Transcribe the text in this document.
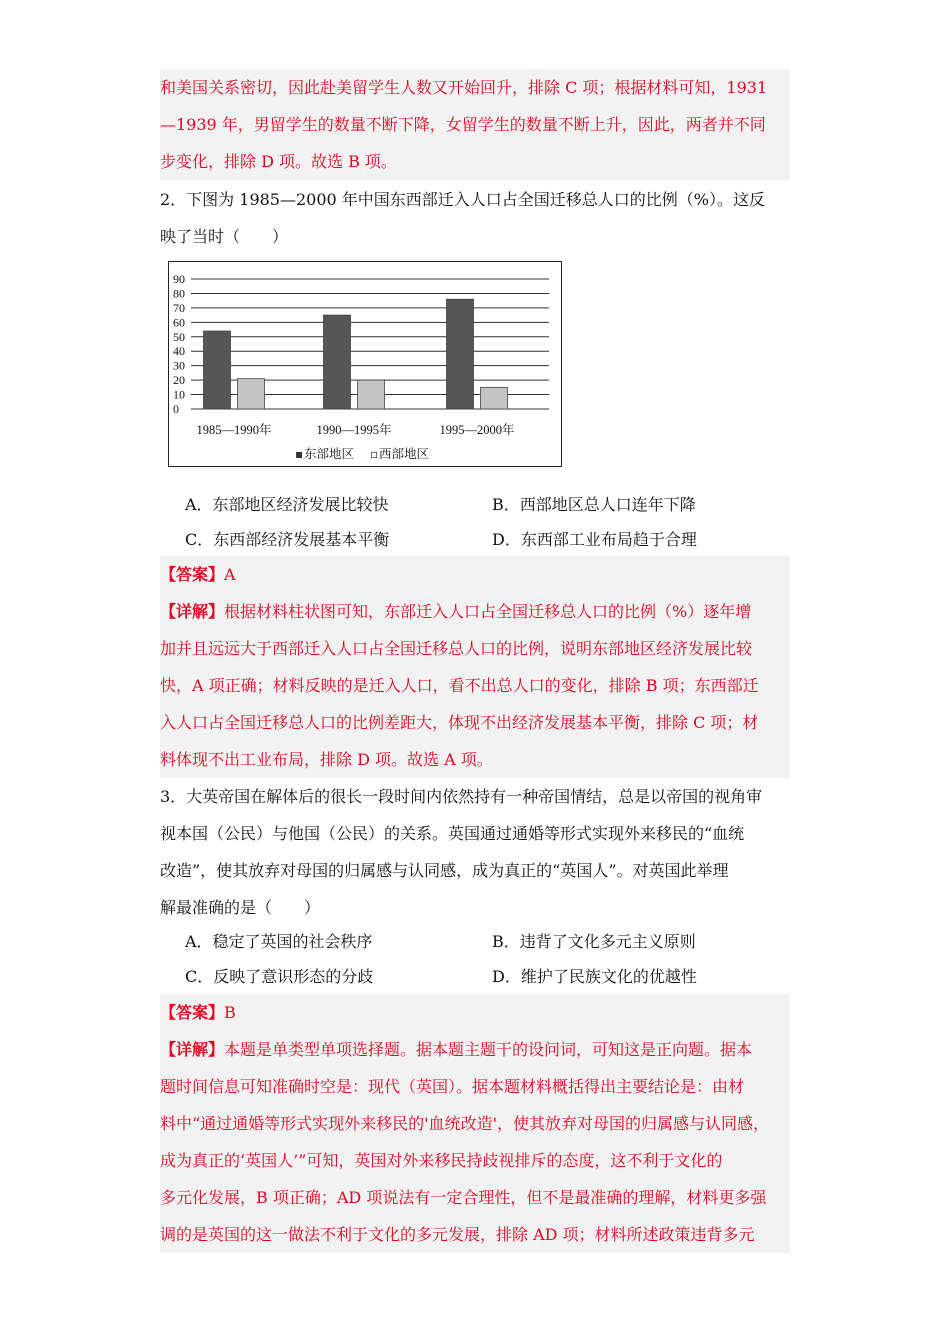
和美国关系密切，因此赴美留学生人数又开始回升，排除 C 项；根据材料可知，1931
—1939 年，男留学生的数量不断下降，女留学生的数量不断上升，因此，两者并不同
步变化，排除 D 项。故选 B 项。
2．下图为 1985—2000 年中国东西部迁入人口占全国迁移总人口的比例（%）。这反
映了当时（　　）
0
10
20
30
40
50
60
70
80
90
1985—1990年	1990—1995年	1995—2000年
▪ 东部地区 ▫ 西部地区
A．东部地区经济发展比较快	B．西部地区总人口连年下降
C．东西部经济发展基本平衡	D．东西部工业布局趋于合理
【答案】A
【详解】根据材料柱状图可知，东部迁入人口占全国迁移总人口的比例（%）逐年增
加并且远远大于西部迁入人口占全国迁移总人口的比例，说明东部地区经济发展比较
快，A 项正确；材料反映的是迁入人口，看不出总人口的变化，排除 B 项；东西部迁
入人口占全国迁移总人口的比例差距大，体现不出经济发展基本平衡，排除 C 项；材
料体现不出工业布局，排除 D 项。故选 A 项。
3．大英帝国在解体后的很长一段时间内依然持有一种帝国情结，总是以帝国的视角审
视本国（公民）与他国（公民）的关系。英国通过通婚等形式实现外来移民的“血统
改造”，使其放弃对母国的归属感与认同感，成为真正的“英国人”。对英国此举理
解最准确的是（　　）
A．稳定了英国的社会秩序	B．违背了文化多元主义原则
C．反映了意识形态的分歧	D．维护了民族文化的优越性
【答案】B
【详解】本题是单类型单项选择题。据本题主题干的设问词，可知这是正向题。据本
题时间信息可知准确时空是：现代（英国）。据本题材料概括得出主要结论是：由材
料中“通过通婚等形式实现外来移民的'血统改造'，使其放弃对母国的归属感与认同感，
成为真正的‘英国人’”可知，英国对外来移民持歧视排斥的态度，这不利于文化的
多元化发展，B 项正确；AD 项说法有一定合理性，但不是最准确的理解，材料更多强
调的是英国的这一做法不利于文化的多元发展，排除 AD 项；材料所述政策违背多元
